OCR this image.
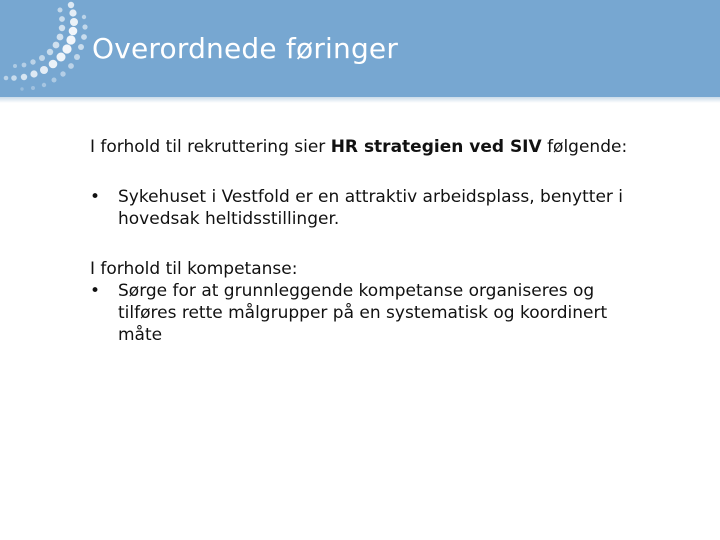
Overordnede føringer

I forhold til rekruttering sier HR strategien ved SIV følgende:

• Sykehuset i Vestfold er en attraktiv arbeidsplass, benytter i
hovedsak heltidsstillinger.

I forhold til kompetanse:

• Sørge for at grunnleggende kompetanse organiseres og
tilføres rette målgrupper på en systematisk og koordinert
måte
